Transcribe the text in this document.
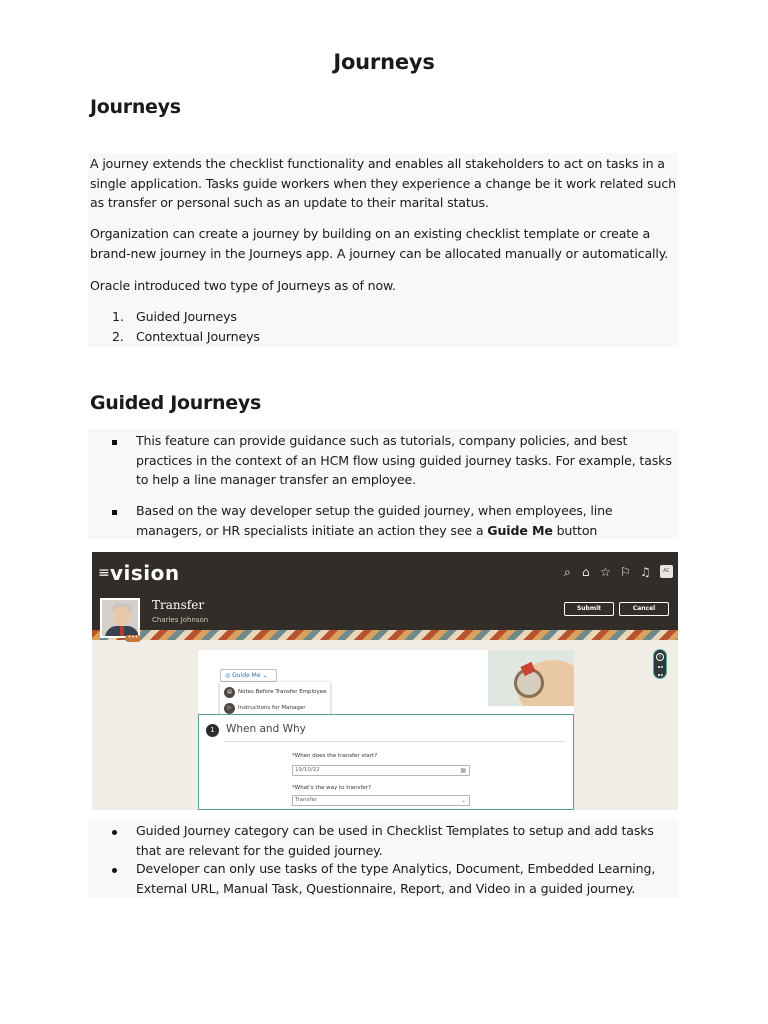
Journeys
Journeys
A journey extends the checklist functionality and enables all stakeholders to act on tasks in a single application. Tasks guide workers when they experience a change be it work related such as transfer or personal such as an update to their marital status.
Organization can create a journey by building on an existing checklist template or create a brand-new journey in the Journeys app. A journey can be allocated manually or automatically.
Oracle introduced two type of Journeys as of now.
1. Guided Journeys
2. Contextual Journeys
Guided Journeys
This feature can provide guidance such as tutorials, company policies, and best practices in the context of an HCM flow using guided journey tasks. For example, tasks to help a line manager transfer an employee.
Based on the way developer setup the guided journey, when employees, line managers, or HR specialists initiate an action they see a Guide Me button
≡ vision	⌕ ⌂ ☆ ⚐ ♫	AC
•••
Transfer
Charles Johnson
Submit	Cancel
◎ Guide Me ⌄
▤	Notes Before Transfer Employee
▷	Instructions for Manager
1	When and Why
*When does the transfer start?
19/10/22	▦
*What's the way to transfer?
Transfer	⌄
i
Guided Journey category can be used in Checklist Templates to setup and add tasks that are relevant for the guided journey.
Developer can only use tasks of the type Analytics, Document, Embedded Learning, External URL, Manual Task, Questionnaire, Report, and Video in a guided journey.
